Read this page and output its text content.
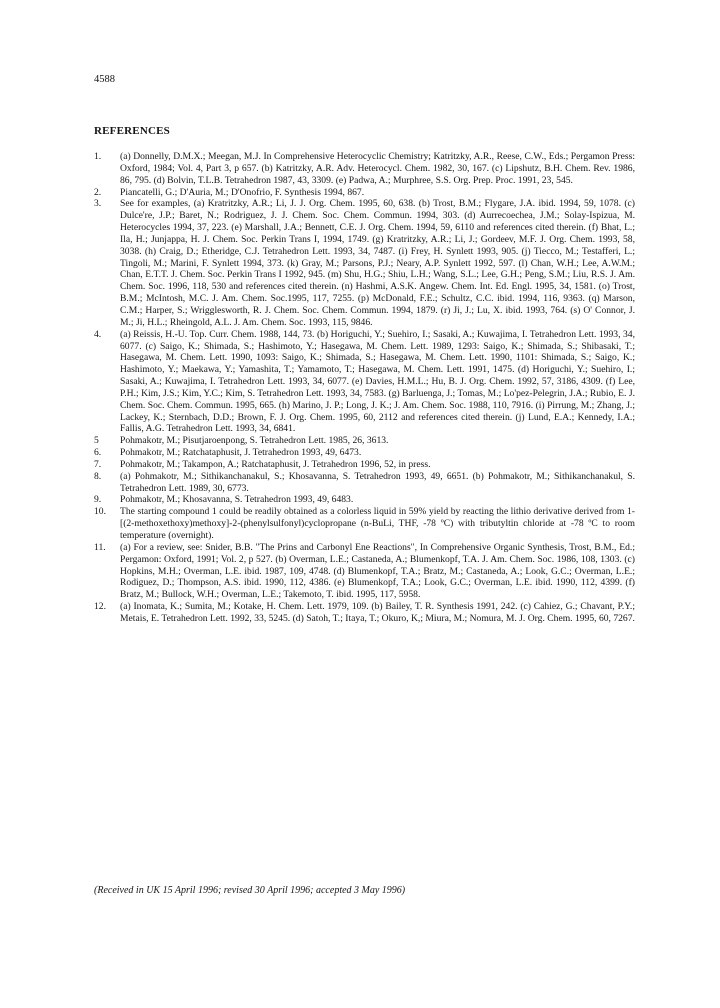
4588
REFERENCES

1.	(a) Donnelly, D.M.X.; Meegan, M.J. In Comprehensive Heterocyclic Chemistry; Katritzky, A.R., Reese, C.W., Eds.; Pergamon Press: Oxford, 1984; Vol. 4, Part 3, p 657. (b) Katritzky, A.R. Adv. Heterocycl. Chem. 1982, 30, 167. (c) Lipshutz, B.H. Chem. Rev. 1986, 86, 795. (d) Bolvin, T.L.B. Tetrahedron 1987, 43, 3309. (e) Padwa, A.; Murphree, S.S. Org. Prep. Proc. 1991, 23, 545.

2.	Piancatelli, G.; D'Auria, M.; D'Onofrio, F. Synthesis 1994, 867.

3.	See for examples, (a) Kratritzky, A.R.; Li, J. J. Org. Chem. 1995, 60, 638. (b) Trost, B.M.; Flygare, J.A. ibid. 1994, 59, 1078. (c) Dulce're, J.P.; Baret, N.; Rodriguez, J. J. Chem. Soc. Chem. Commun. 1994, 303. (d) Aurrecoechea, J.M.; Solay-Ispizua, M. Heterocycles 1994, 37, 223. (e) Marshall, J.A.; Bennett, C.E. J. Org. Chem. 1994, 59, 6110 and references cited therein. (f) Bhat, L.; Ila, H.; Junjappa, H. J. Chem. Soc. Perkin Trans I, 1994, 1749. (g) Kratritzky, A.R.; Li, J.; Gordeev, M.F. J. Org. Chem. 1993, 58, 3038. (h) Craig, D.; Etheridge, C.J. Tetrahedron Lett. 1993, 34, 7487. (i) Frey, H. Synlett 1993, 905. (j) Tiecco, M.; Testafferi, L.; Tingoli, M.; Marini, F. Synlett 1994, 373. (k) Gray, M.; Parsons, P.J.; Neary, A.P. Synlett 1992, 597. (l) Chan, W.H.; Lee, A.W.M.; Chan, E.T.T. J. Chem. Soc. Perkin Trans I 1992, 945. (m) Shu, H.G.; Shiu, L.H.; Wang, S.L.; Lee, G.H.; Peng, S.M.; Liu, R.S. J. Am. Chem. Soc. 1996, 118, 530 and references cited therein. (n) Hashmi, A.S.K. Angew. Chem. Int. Ed. Engl. 1995, 34, 1581. (o) Trost, B.M.; McIntosh, M.C. J. Am. Chem. Soc.1995, 117, 7255. (p) McDonald, F.E.; Schultz, C.C. ibid. 1994, 116, 9363. (q) Marson, C.M.; Harper, S.; Wrigglesworth, R. J. Chem. Soc. Chem. Commun. 1994, 1879. (r) Ji, J.; Lu, X. ibid. 1993, 764. (s) O' Connor, J. M.; Ji, H.L.; Rheingold, A.L. J. Am. Chem. Soc. 1993, 115, 9846.

4.	(a) Reissis, H.-U. Top. Curr. Chem. 1988, 144, 73. (b) Horiguchi, Y.; Suehiro, I.; Sasaki, A.; Kuwajima, I. Tetrahedron Lett. 1993, 34, 6077. (c) Saigo, K.; Shimada, S.; Hashimoto, Y.; Hasegawa, M. Chem. Lett. 1989, 1293: Saigo, K.; Shimada, S.; Shibasaki, T.; Hasegawa, M. Chem. Lett. 1990, 1093: Saigo, K.; Shimada, S.; Hasegawa, M. Chem. Lett. 1990, 1101: Shimada, S.; Saigo, K.; Hashimoto, Y.; Maekawa, Y.; Yamashita, T.; Yamamoto, T.; Hasegawa, M. Chem. Lett. 1991, 1475. (d) Horiguchi, Y.; Suehiro, I.; Sasaki, A.; Kuwajima, I. Tetrahedron Lett. 1993, 34, 6077. (e) Davies, H.M.L.; Hu, B. J. Org. Chem. 1992, 57, 3186, 4309. (f) Lee, P.H.; Kim, J.S.; Kim, Y.C.; Kim, S. Tetrahedron Lett. 1993, 34, 7583. (g) Barluenga, J.; Tomas, M.; Lo'pez-Pelegrin, J.A.; Rubio, E. J. Chem. Soc. Chem. Commun. 1995, 665. (h) Marino, J. P.; Long, J. K.; J. Am. Chem. Soc. 1988, 110, 7916. (i) Pirrung, M.; Zhang, J.; Lackey, K.; Sternbach, D.D.; Brown, F. J. Org. Chem. 1995, 60, 2112 and references cited therein. (j) Lund, E.A.; Kennedy, I.A.; Fallis, A.G. Tetrahedron Lett. 1993, 34, 6841.

5	Pohmakotr, M.; Pisutjaroenpong, S. Tetrahedron Lett. 1985, 26, 3613.

6.	Pohmakotr, M.; Ratchataphusit, J. Tetrahedron 1993, 49, 6473.

7.	Pohmakotr, M.; Takampon, A.; Ratchataphusit, J. Tetrahedron 1996, 52, in press.

8.	(a) Pohmakotr, M.; Sithikanchanakul, S.; Khosavanna, S. Tetrahedron 1993, 49, 6651. (b) Pohmakotr, M.; Sithikanchanakul, S. Tetrahedron Lett. 1989, 30, 6773.

9.	Pohmakotr, M.; Khosavanna, S. Tetrahedron 1993, 49, 6483.

10.	The starting compound 1 could be readily obtained as a colorless liquid in 59% yield by reacting the lithio derivative derived from 1-[(2-methoxethoxy)methoxy]-2-(phenylsulfonyl)cyclopropane (n-BuLi, THF, -78 ºC) with tributyltin chloride at -78 ºC to room temperature (overnight).

11.	(a) For a review, see: Snider, B.B. "The Prins and Carbonyl Ene Reactions", In Comprehensive Organic Synthesis, Trost, B.M., Ed.; Pergamon: Oxford, 1991; Vol. 2, p 527. (b) Overman, L.E.; Castaneda, A.; Blumenkopf, T.A. J. Am. Chem. Soc. 1986, 108, 1303. (c) Hopkins, M.H.; Overman, L.E. ibid. 1987, 109, 4748. (d) Blumenkopf, T.A.; Bratz, M.; Castaneda, A.; Look, G.C.; Overman, L.E.; Rodiguez, D.; Thompson, A.S. ibid. 1990, 112, 4386. (e) Blumenkopf, T.A.; Look, G.C.; Overman, L.E. ibid. 1990, 112, 4399. (f) Bratz, M.; Bullock, W.H.; Overman, L.E.; Takemoto, T. ibid. 1995, 117, 5958.

12.	(a) Inomata, K.; Sumita, M.; Kotake, H. Chem. Lett. 1979, 109. (b) Bailey, T. R. Synthesis 1991, 242. (c) Cahiez, G.; Chavant, P.Y.; Metais, E. Tetrahedron Lett. 1992, 33, 5245. (d) Satoh, T.; Itaya, T.; Okuro, K,; Miura, M.; Nomura, M. J. Org. Chem. 1995, 60, 7267.

(Received in UK 15 April 1996; revised 30 April 1996; accepted 3 May 1996)
